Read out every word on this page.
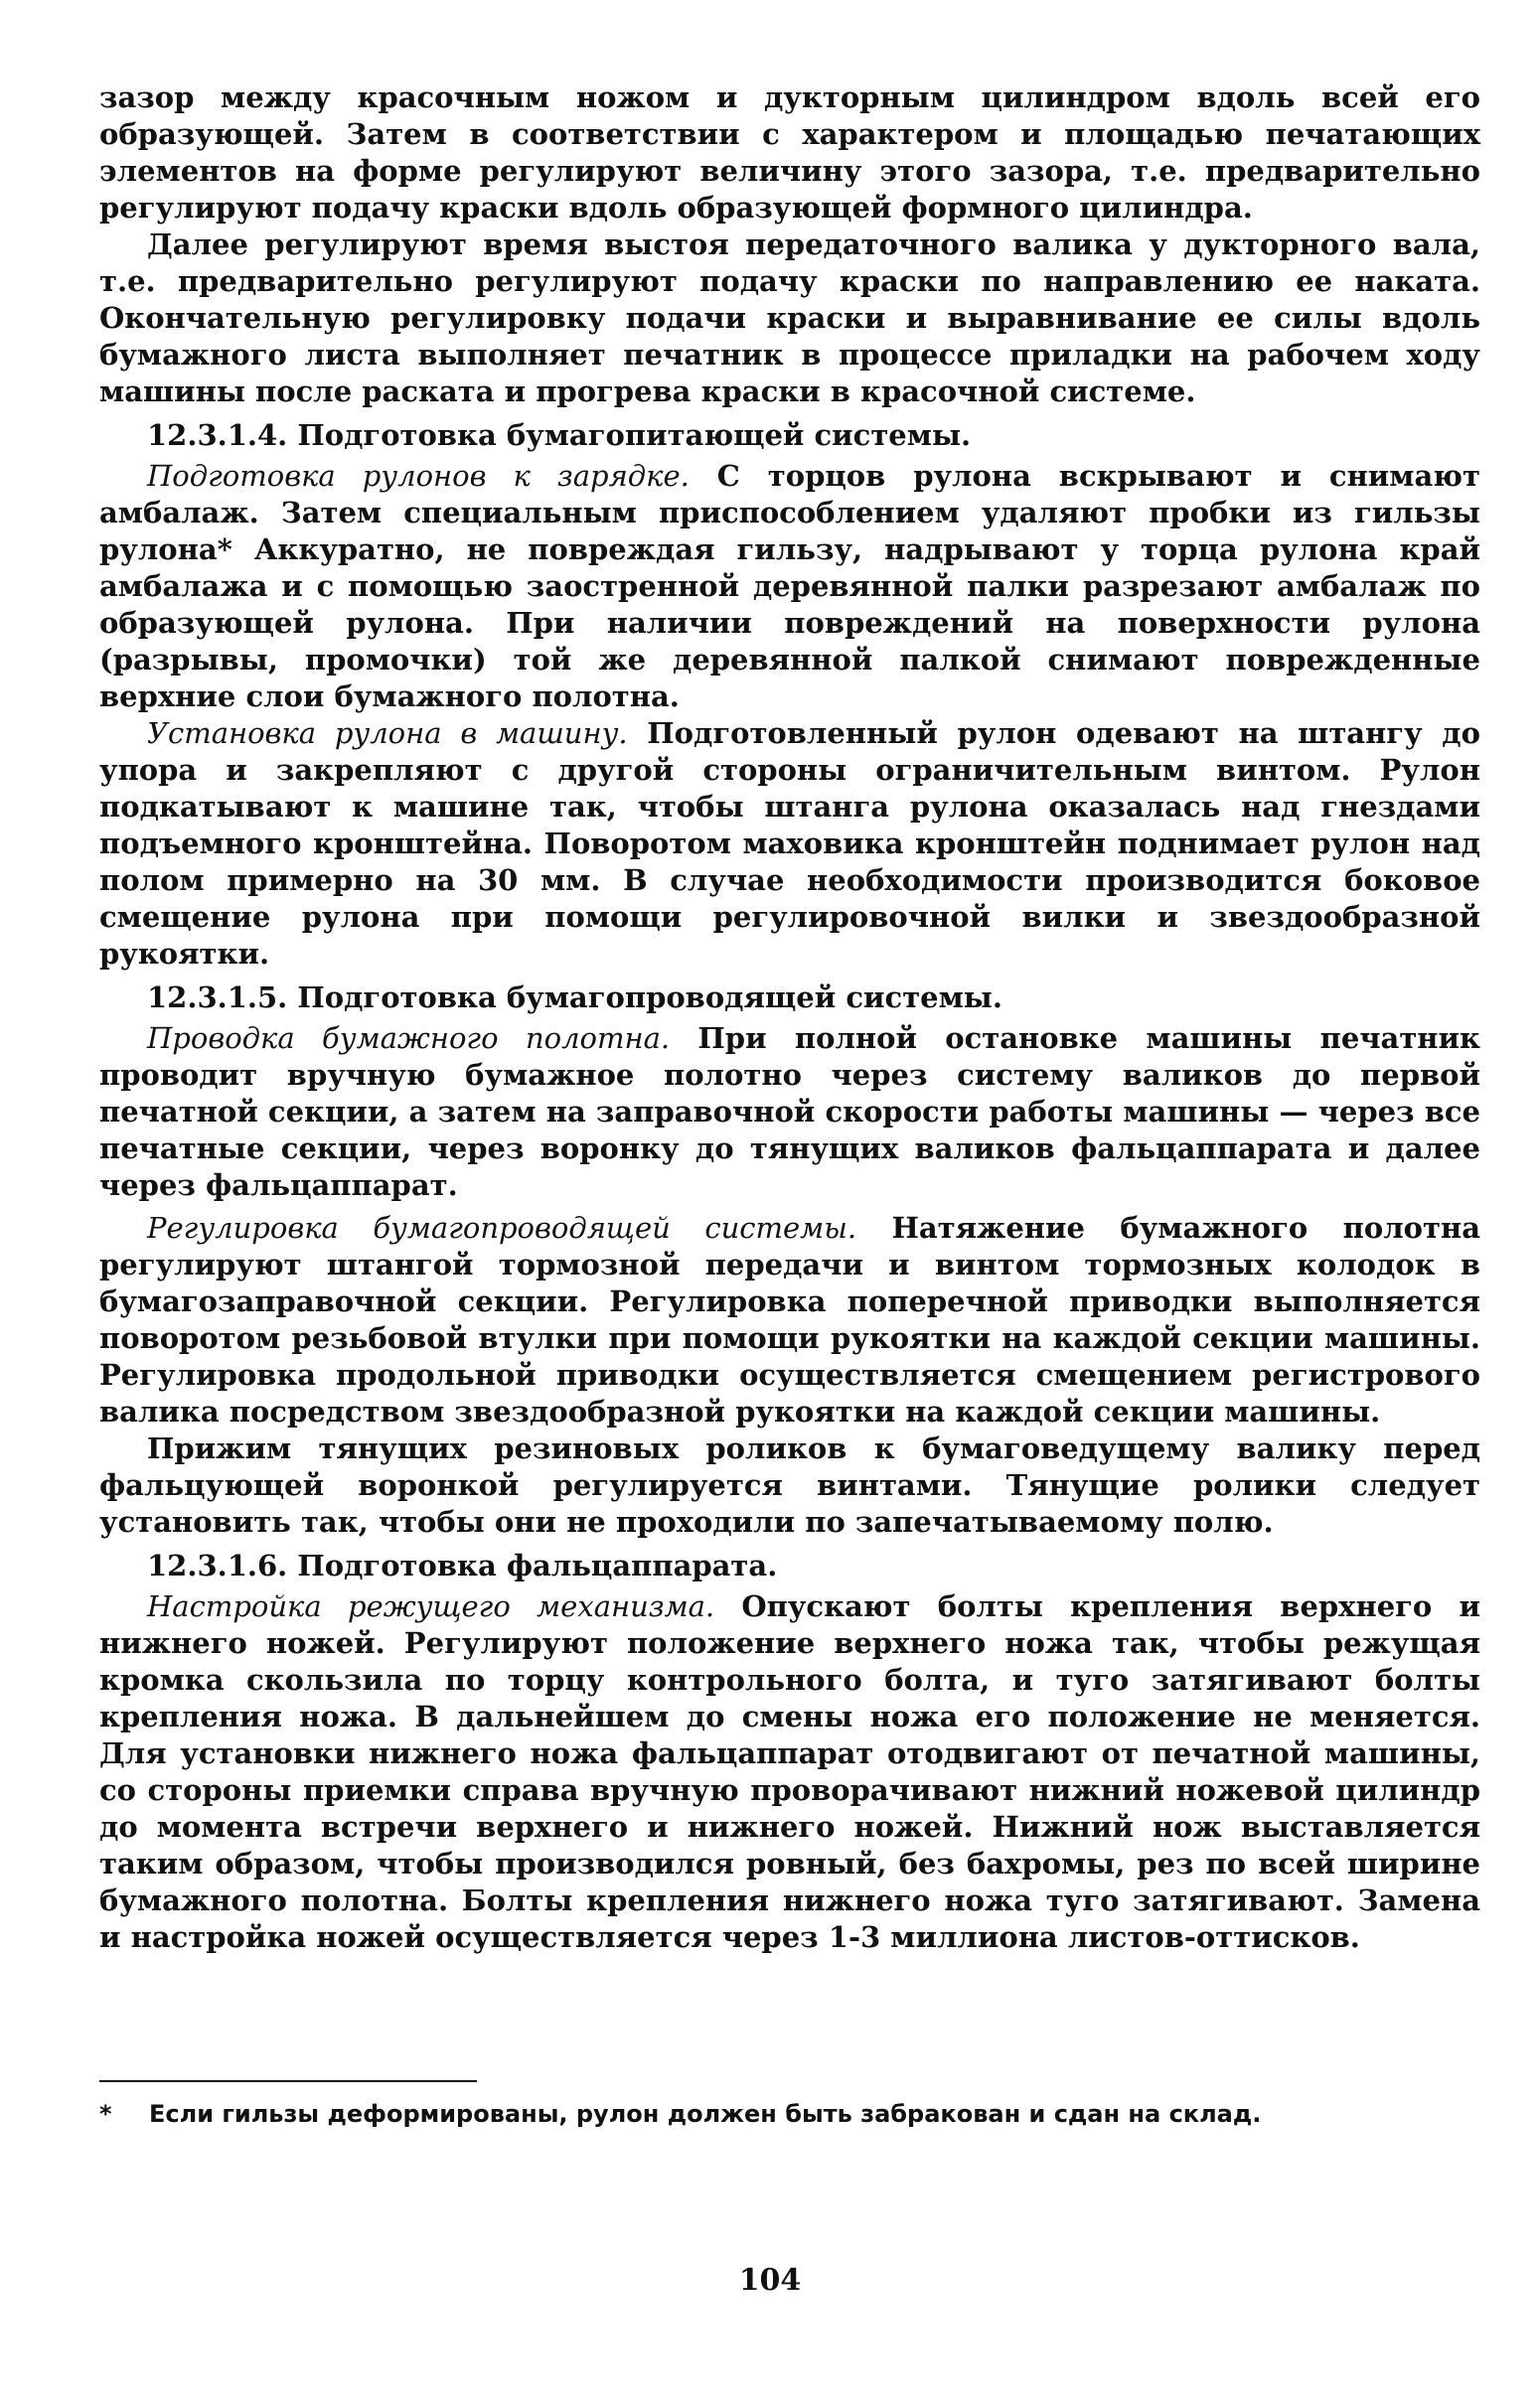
зазор между красочным ножом и дукторным цилиндром вдоль всей его образующей. Затем в соответствии с характером и площадью печатающих элементов на форме регулируют величину этого зазора, т.е. предварительно регулируют подачу краски вдоль образующей формного цилиндра.

Далее регулируют время выстоя передаточного валика у дукторного вала, т.е. предварительно регулируют подачу краски по направлению ее наката. Окончательную регулировку подачи краски и выравнивание ее силы вдоль бумажного листа выполняет печатник в процессе приладки на рабочем ходу машины после раската и прогрева краски в красочной системе.

12.3.1.4. Подготовка бумагопитающей системы.

Подготовка рулонов к зарядке. С торцов рулона вскрывают и снимают амбалаж. Затем специальным приспособлением удаляют пробки из гильзы рулона* Аккуратно, не повреждая гильзу, надрывают у торца рулона край амбалажа и с помощью заостренной деревянной палки разрезают амбалаж по образующей рулона. При наличии повреждений на поверхности рулона (разрывы, промочки) той же деревянной палкой снимают поврежденные верхние слои бумажного полотна.

Установка рулона в машину. Подготовленный рулон одевают на штангу до упора и закрепляют с другой стороны ограничительным винтом. Рулон подкатывают к машине так, чтобы штанга рулона оказалась над гнездами подъемного кронштейна. Поворотом маховика кронштейн поднимает рулон над полом примерно на 30 мм. В случае необходимости производится боковое смещение рулона при помощи регулировочной вилки и звездообразной рукоятки.

12.3.1.5. Подготовка бумагопроводящей системы.

Проводка бумажного полотна. При полной остановке машины печатник проводит вручную бумажное полотно через систему валиков до первой печатной секции, а затем на заправочной скорости работы машины — через все печатные секции, через воронку до тянущих валиков фальцаппарата и далее через фальцаппарат.

Регулировка бумагопроводящей системы. Натяжение бумажного полотна регулируют штангой тормозной передачи и винтом тормозных колодок в бумагозаправочной секции. Регулировка поперечной приводки выполняется поворотом резьбовой втулки при помощи рукоятки на каждой секции машины. Регулировка продольной приводки осуществляется смещением регистрового валика посредством звездообразной рукоятки на каждой секции машины.

Прижим тянущих резиновых роликов к бумаговедущему валику перед фальцующей воронкой регулируется винтами. Тянущие ролики следует установить так, чтобы они не проходили по запечатываемому полю.

12.3.1.6. Подготовка фальцаппарата.

Настройка режущего механизма. Опускают болты крепления верхнего и нижнего ножей. Регулируют положение верхнего ножа так, чтобы режущая кромка скользила по торцу контрольного болта, и туго затягивают болты крепления ножа. В дальнейшем до смены ножа его положение не меняется. Для установки нижнего ножа фальцаппарат отодвигают от печатной машины, со стороны приемки справа вручную проворачивают нижний ножевой цилиндр до момента встречи верхнего и нижнего ножей. Нижний нож выставляется таким образом, чтобы производился ровный, без бахромы, рез по всей ширине бумажного полотна. Болты крепления нижнего ножа туго затягивают. Замена и настройка ножей осуществляется через 1-3 миллиона листов-оттисков.

* Если гильзы деформированы, рулон должен быть забракован и сдан на склад.
104
